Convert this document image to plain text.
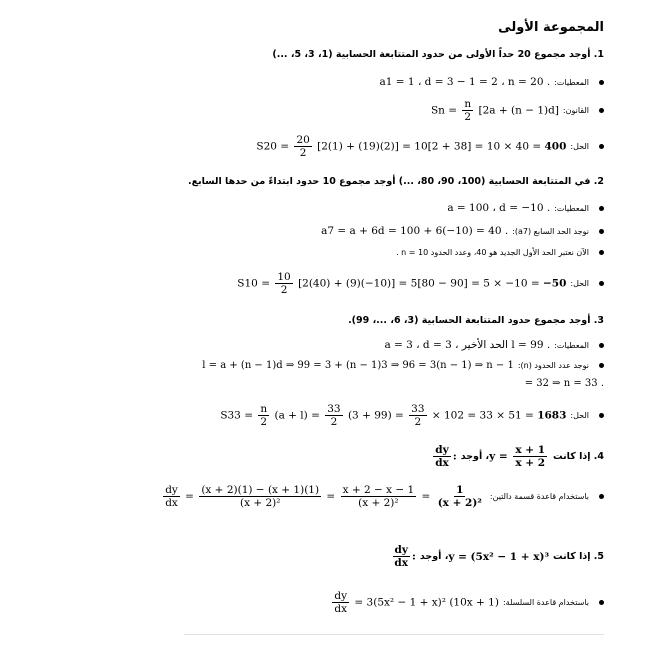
المجموعة الأولى
1. أوجد مجموع 20 حداً الأولى من حدود المتتابعة الحسابية (1، 3، 5، ...)
المعطيات:
a1 = 1 ، d = 3 − 1 = 2 ، n = 20 .
القانون:
$Sn = \frac{n}{2} [2a + (n - 1)d]$
الحل:
$S20 = \frac{20}{2} [2(1) + (19)(2)] = 10[2 + 38] = 10 \times 40 = 400$
2. في المتتابعة الحسابية (100، 90، 80، ...) أوجد مجموع 10 حدود ابتداءً من حدها السابع.
المعطيات:
a = 100 ، d = −10 .
نوجد الحد السابع (a7):
a7 = a + 6d = 100 + 6(−10) = 40 .
الآن نعتبر الحد الأول الجديد هو 40، وعدد الحدود n = 10 .
الحل:
$S10 = \frac{10}{2} [2(40) + (9)(-10)] = 5[80 - 90] = 5 \times -10 = -50$
3. أوجد مجموع حدود المتتابعة الحسابية (3، 6، ...، 99).
المعطيات:
a = 3 ، d = 3 ، الحد الأخير l = 99 .
نوجد عدد الحدود (n):
l = a + (n − 1)d ⇒ 99 = 3 + (n − 1)3 ⇒ 96 = 3(n − 1) ⇒ n − 1
= 32 ⇒ n = 33 .
الحل:
$S33 = \frac{n}{2} (a + l) = \frac{33}{2} (3 + 99) = \frac{33}{2} \times 102 = 33 \times 51 = 1683$
4. إذا كانت
$y = \frac{x + 1}{x + 2}$
، أوجد
$\frac{dy}{dx}$ :
باستخدام قاعدة قسمة دالتين:
$\frac{dy}{dx} = \frac{(x + 2)(1) - (x + 1)(1)}{\text{(x + 2)²}} = \frac{x + 2 - x - 1}{\text{(x + 2)²}} = \frac{1}{\text{(x + 2)²}}$
5. إذا كانت
y = (5x² − 1 + x)³
، أوجد
$\frac{dy}{dx}$ :
باستخدام قاعدة السلسلة:
$\frac{dy}{dx} = 3(5x^2 - 1 + x)^2$ (10x + 1)
